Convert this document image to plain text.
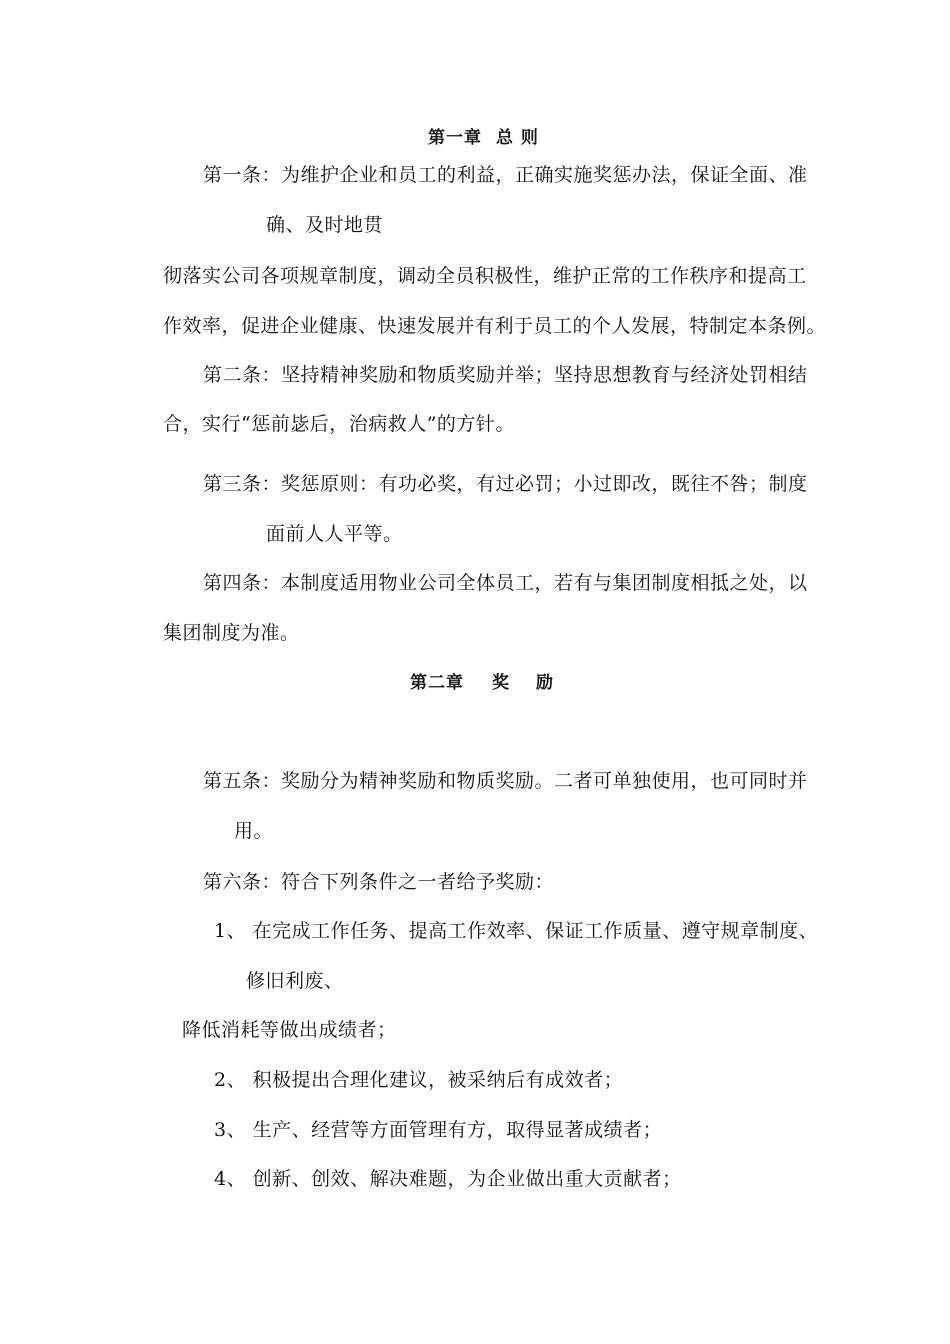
第一章 总 则
第一条：为维护企业和员工的利益，正确实施奖惩办法，保证全面、准
确、及时地贯
彻落实公司各项规章制度，调动全员积极性，维护正常的工作秩序和提高工
作效率，促进企业健康、快速发展并有利于员工的个人发展，特制定本条例。
第二条：坚持精神奖励和物质奖励并举；坚持思想教育与经济处罚相结
合，实行“惩前毖后，治病救人”的方针。
第三条：奖惩原则：有功必奖，有过必罚；小过即改，既往不咎；制度
面前人人平等。
第四条：本制度适用物业公司全体员工，若有与集团制度相抵之处，以
集团制度为准。
第二章 奖 励
第五条：奖励分为精神奖励和物质奖励。二者可单独使用，也可同时并
用。
第六条：符合下列条件之一者给予奖励：
1、 在完成工作任务、提高工作效率、保证工作质量、遵守规章制度、
修旧利废、
降低消耗等做出成绩者；
2、 积极提出合理化建议，被采纳后有成效者；
3、 生产、经营等方面管理有方，取得显著成绩者；
4、 创新、创效、解决难题，为企业做出重大贡献者；
